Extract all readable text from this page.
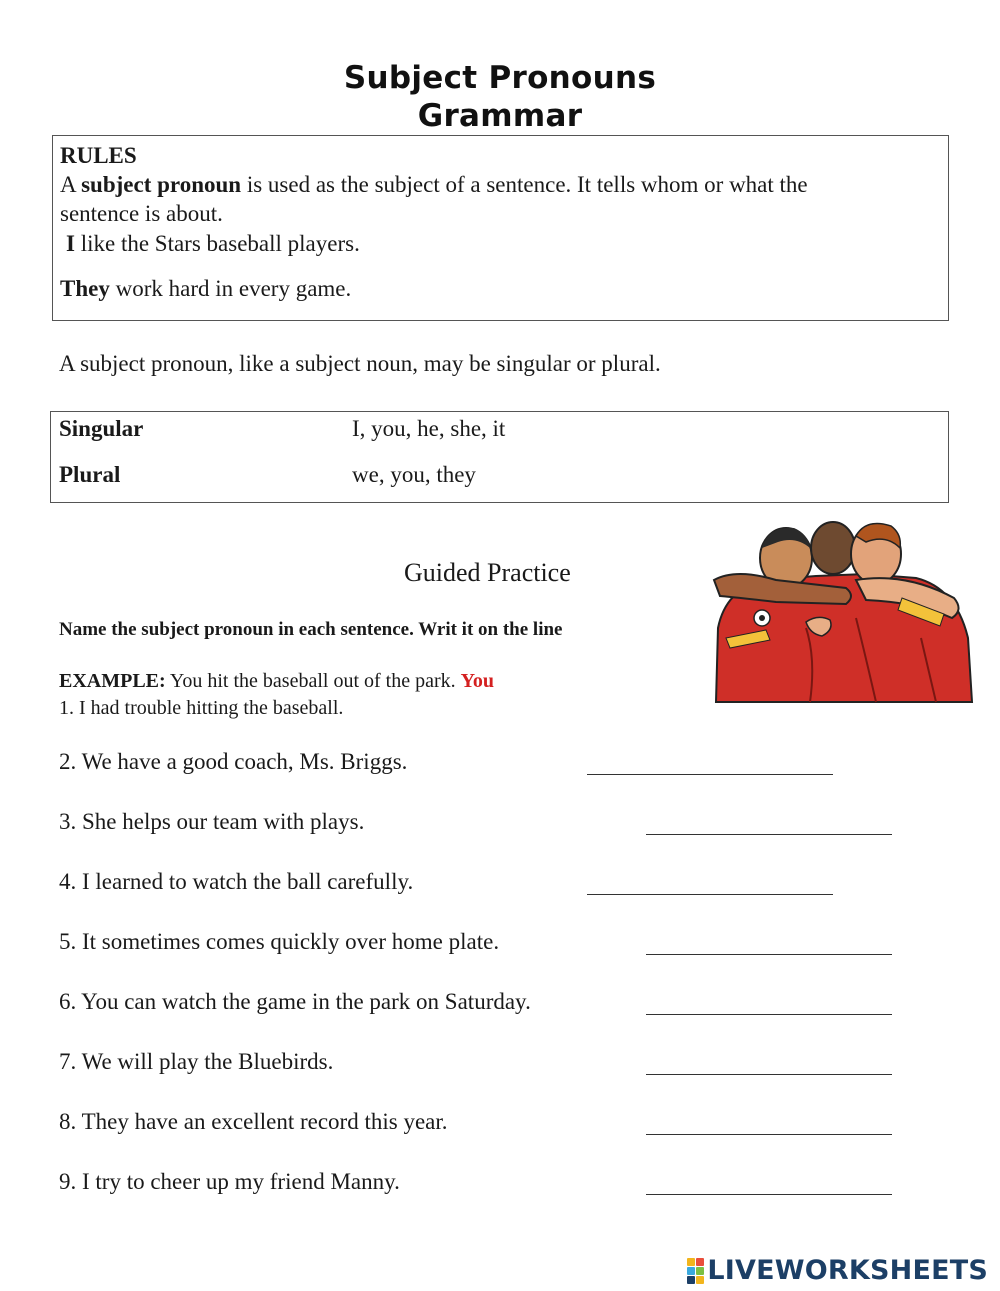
Subject Pronouns
Grammar
RULES
A subject pronoun is used as the subject of a sentence. It tells whom or what the
sentence is about.
I like the Stars baseball players.
They work hard in every game.
A subject pronoun, like a subject noun, may be singular or plural.
Singular	I, you, he, she, it
Plural	we, you, they
Guided Practice
Name the subject pronoun in each sentence. Writ it on the line
EXAMPLE: You hit the baseball out of the park. You
1. I had trouble hitting the baseball.
2. We have a good coach, Ms. Briggs.
3. She helps our team with plays.
4. I learned to watch the ball carefully.
5. It sometimes comes quickly over home plate.
6. You can watch the game in the park on Saturday.
7. We will play the Bluebirds.
8. They have an excellent record this year.
9. I try to cheer up my friend Manny.
LIVEWORKSHEETS
